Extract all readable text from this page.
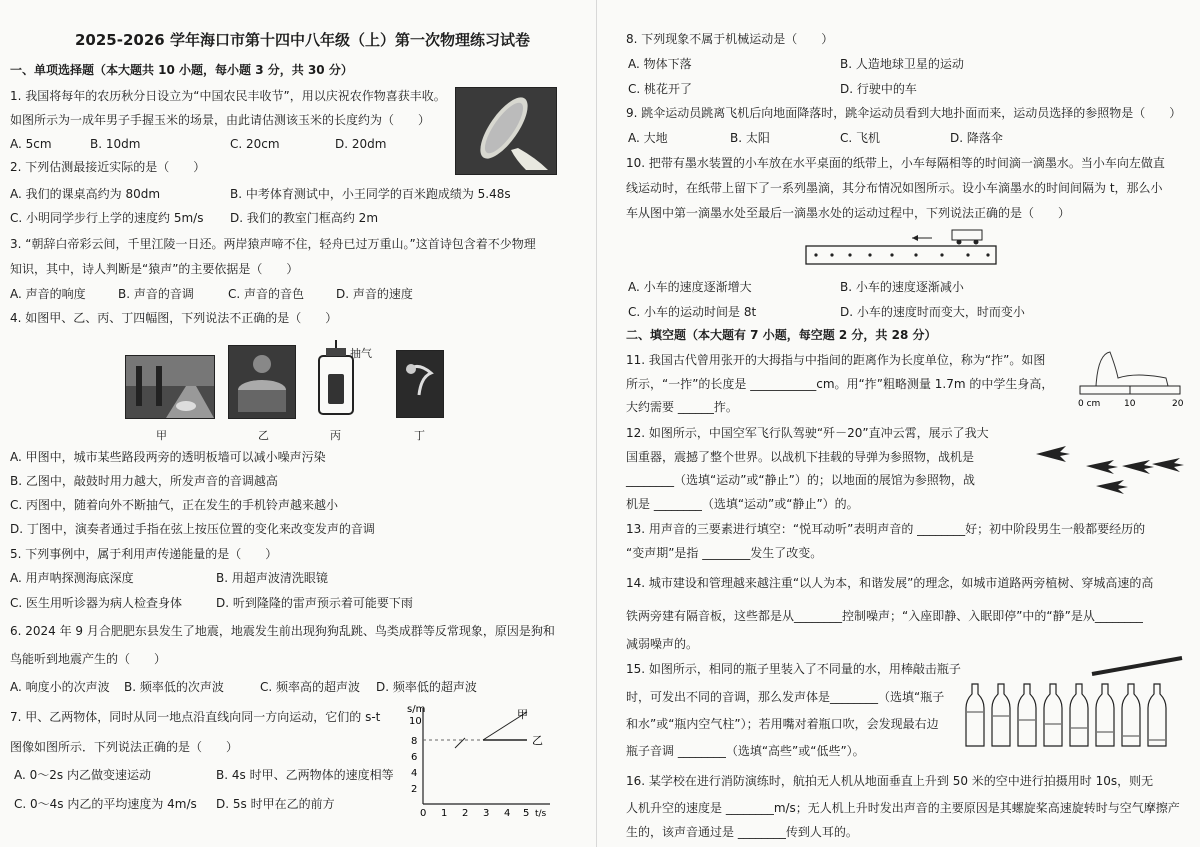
2025-2026 学年海口市第十四中八年级（上）第一次物理练习试卷
一、单项选择题（本大题共 10 小题，每小题 3 分，共 30 分）
1. 我国将每年的农历秋分日设立为“中国农民丰收节”，用以庆祝农作物喜获丰收。
如图所示为一成年男子手握玉米的场景，由此请估测该玉米的长度约为（　　）
A. 5cm	B. 10dm	C. 20cm	D. 20dm
2. 下列估测最接近实际的是（　　）
A. 我们的课桌高约为 80dm	B. 中考体育测试中，小王同学的百米跑成绩为 5.48s
C. 小明同学步行上学的速度约 5m/s D. 我们的教室门框高约 2m
3. “朝辞白帝彩云间，千里江陵一日还。两岸猿声啼不住，轻舟已过万重山。”这首诗包含着不少物理
知识，其中，诗人判断是“猿声”的主要依据是（　　）
A. 声音的响度	B. 声音的音调	C. 声音的音色	D. 声音的速度
4. 如图甲、乙、丙、丁四幅图，下列说法不正确的是（　　）
抽气
甲	乙	丙	丁
A. 甲图中，城市某些路段两旁的透明板墙可以减小噪声污染
B. 乙图中，敲鼓时用力越大，所发声音的音调越高
C. 丙图中，随着向外不断抽气，正在发生的手机铃声越来越小
D. 丁图中，演奏者通过手指在弦上按压位置的变化来改变发声的音调
5. 下列事例中，属于利用声传递能量的是（　　）
A. 用声呐探测海底深度	B. 用超声波清洗眼镜
C. 医生用听诊器为病人检查身体	D. 听到隆隆的雷声预示着可能要下雨
6. 2024 年 9 月合肥肥东县发生了地震，地震发生前出现狗狗乱跳、鸟类成群等反常现象，原因是狗和
鸟能听到地震产生的（　　）
A. 响度小的次声波 B. 频率低的次声波	C. 频率高的超声波 D. 频率低的超声波
7. 甲、乙两物体，同时从同一地点沿直线向同一方向运动，它们的 s-t
图像如图所示．下列说法正确的是（　　）
A. 0～2s 内乙做变速运动	B. 4s 时甲、乙两物体的速度相等
C. 0～4s 内乙的平均速度为 4m/s D. 5s 时甲在乙的前方
s/m
10
8
6
4
2
0 1 2 3 4 5 t/s
甲
乙
8. 下列现象不属于机械运动是（　　）
A. 物体下落	B. 人造地球卫星的运动
C. 桃花开了	D. 行驶中的车
9. 跳伞运动员跳离飞机后向地面降落时，跳伞运动员看到大地扑面而来，运动员选择的参照物是（　　）
A. 大地	B. 太阳	C. 飞机	D. 降落伞
10. 把带有墨水装置的小车放在水平桌面的纸带上，小车每隔相等的时间滴一滴墨水。当小车向左做直
线运动时，在纸带上留下了一系列墨滴，其分布情况如图所示。设小车滴墨水的时间间隔为 t，那么小
车从图中第一滴墨水处至最后一滴墨水处的运动过程中，下列说法正确的是（　　）
A. 小车的速度逐渐增大	B. 小车的速度逐渐减小
C. 小车的运动时间是 8t	D. 小车的速度时而变大，时而变小
二、填空题（本大题有 7 小题，每空题 2 分，共 28 分）
11. 我国古代曾用张开的大拇指与中指间的距离作为长度单位，称为“拃”。如图
所示，“一拃”的长度是 ___________cm。用“拃”粗略测量 1.7m 的中学生身高，
大约需要 ______拃。	0 cm	10	20
12. 如图所示，中国空军飞行队驾驶“歼－20”直冲云霄，展示了我大
国重器，震撼了整个世界。以战机下挂载的导弹为参照物，战机是
________（选填“运动”或“静止”）的；以地面的展馆为参照物，战
机是 ________（选填“运动”或“静止”）的。
13. 用声音的三要素进行填空：“悦耳动听”表明声音的 ________好；初中阶段男生一般都要经历的
“变声期”是指 ________发生了改变。
14. 城市建设和管理越来越注重“以人为本，和谐发展”的理念，如城市道路两旁植树、穿城高速的高
铁两旁建有隔音板，这些都是从________控制噪声；“入座即静、入眠即停”中的“静”是从________
减弱噪声的。
15. 如图所示，相同的瓶子里装入了不同量的水，用棒敲击瓶子
时，可发出不同的音调，那么发声体是________（选填“瓶子
和水”或“瓶内空气柱”）；若用嘴对着瓶口吹，会发现最右边
瓶子音调 ________（选填“高些”或“低些”）。
16. 某学校在进行消防演练时，航拍无人机从地面垂直上升到 50 米的空中进行拍摄用时 10s，则无
人机升空的速度是 ________m/s；无人机上升时发出声音的主要原因是其螺旋桨高速旋转时与空气摩擦产
生的，该声音通过是 ________传到人耳的。
